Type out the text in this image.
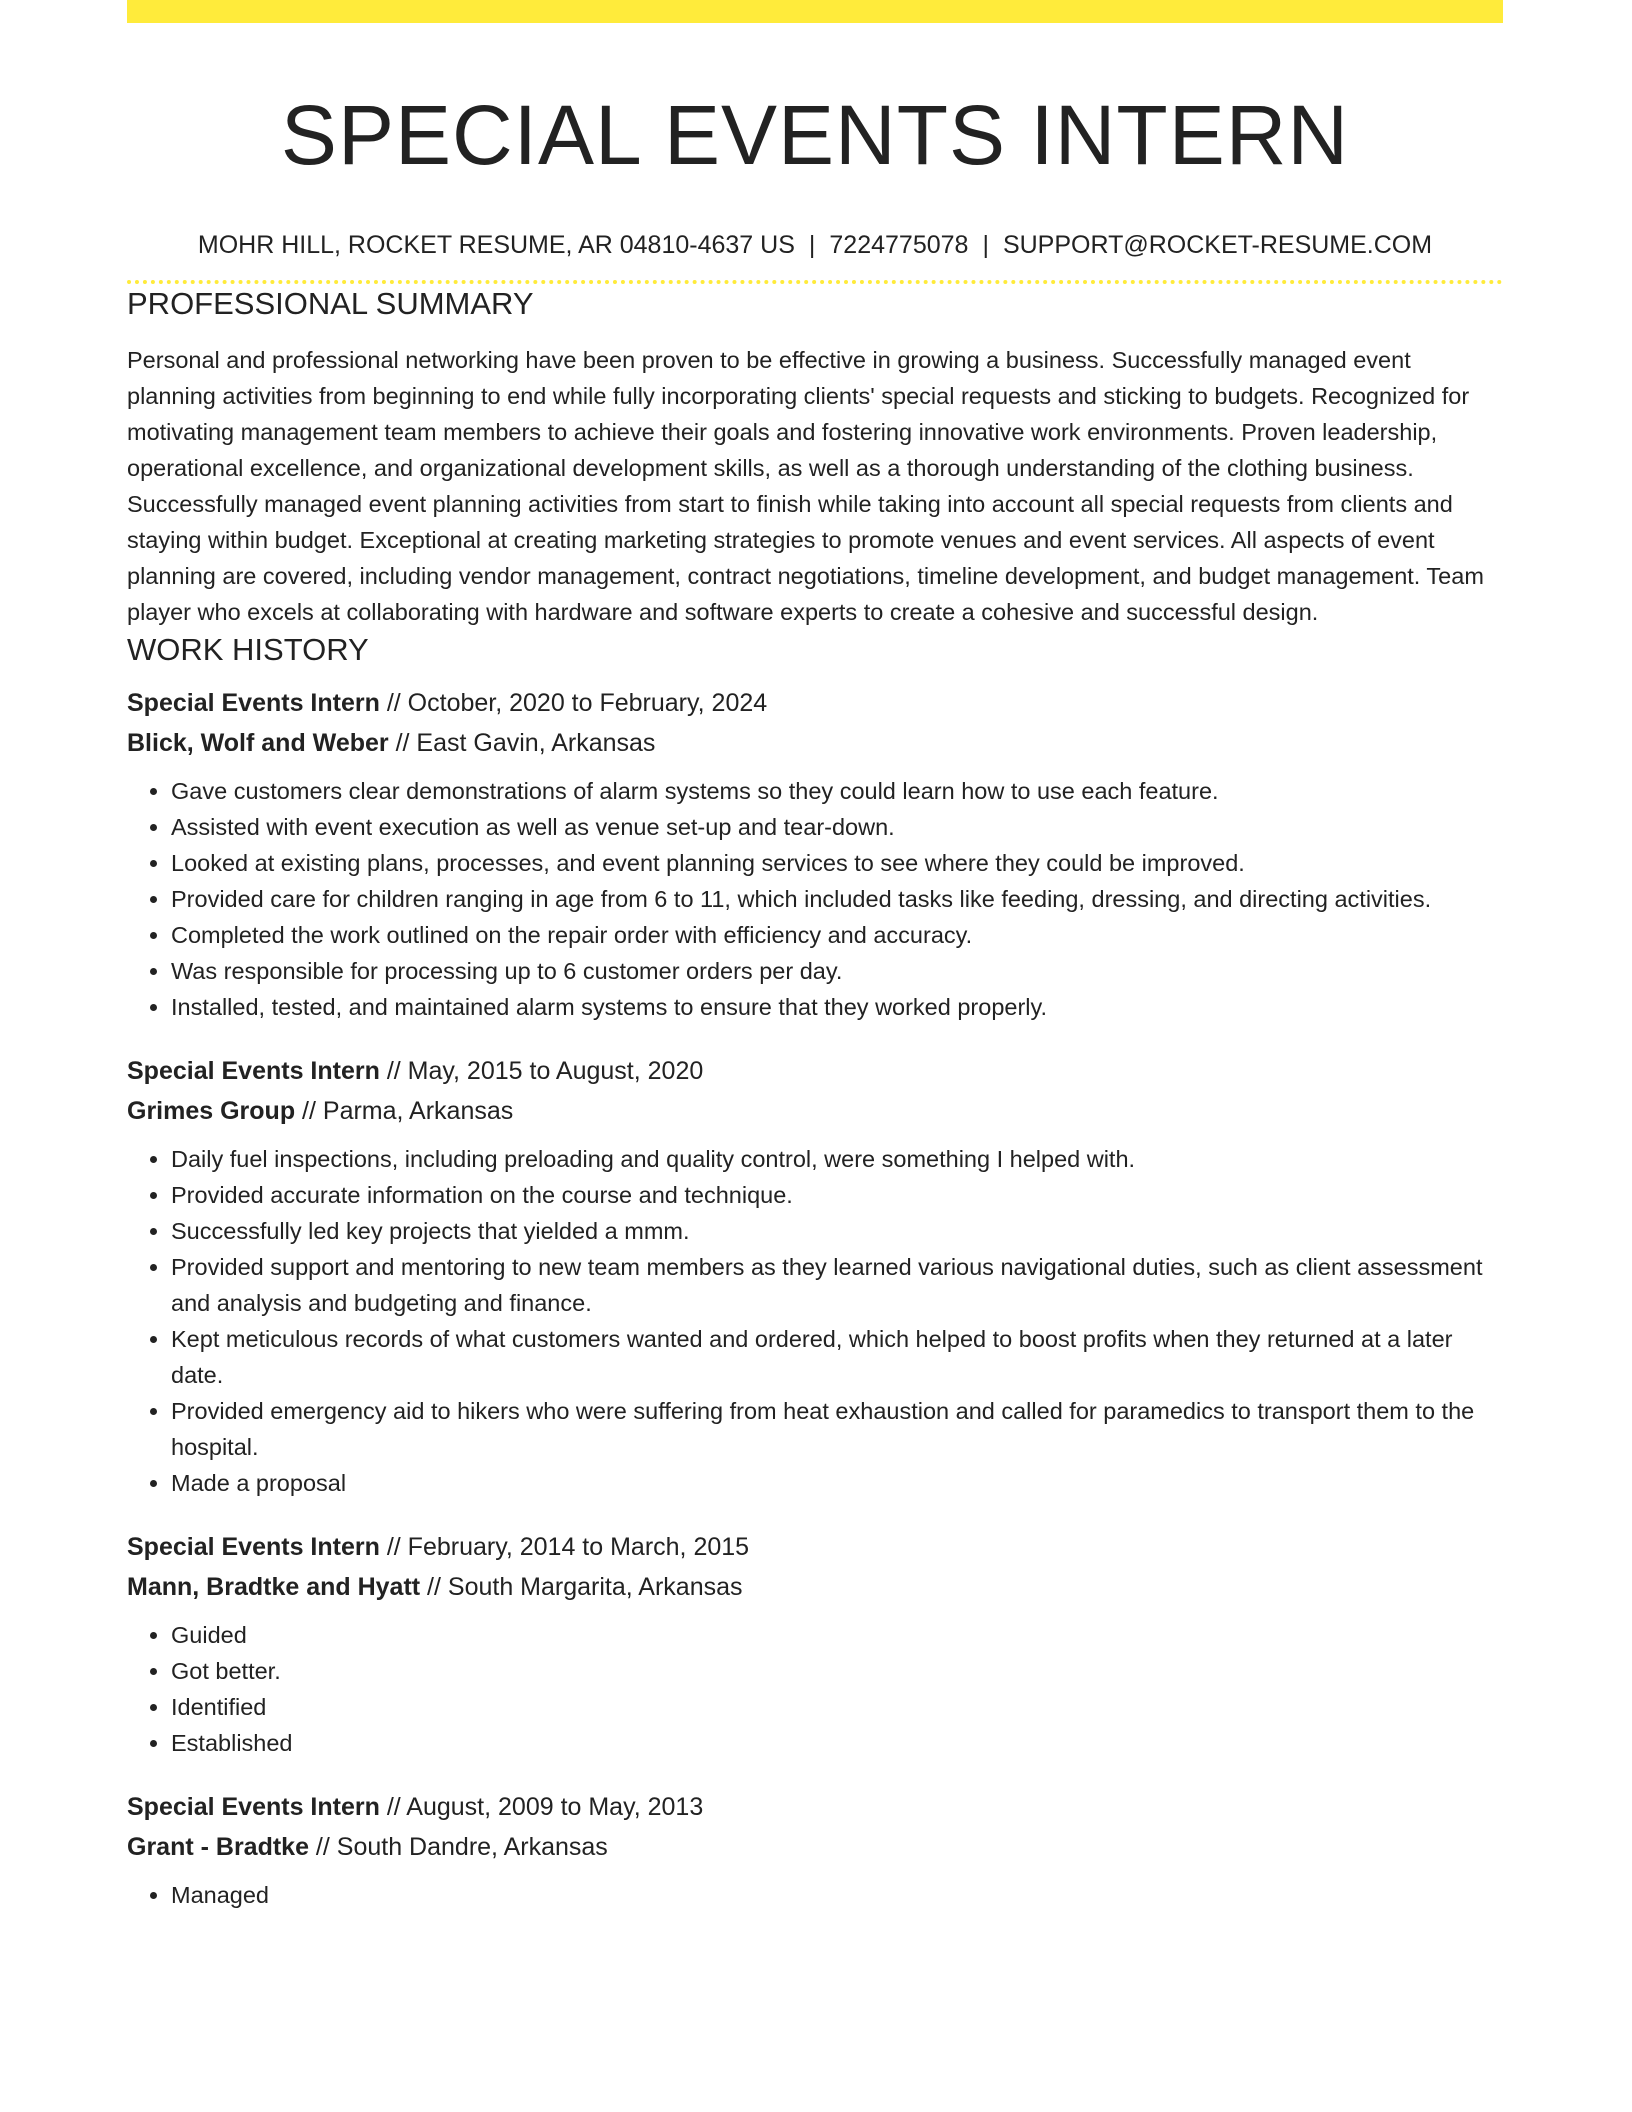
SPECIAL EVENTS INTERN
MOHR HILL, ROCKET RESUME, AR 04810-4637 US | 7224775078 | SUPPORT@ROCKET-RESUME.COM
PROFESSIONAL SUMMARY
Personal and professional networking have been proven to be effective in growing a business. Successfully managed event planning activities from beginning to end while fully incorporating clients' special requests and sticking to budgets. Recognized for motivating management team members to achieve their goals and fostering innovative work environments. Proven leadership, operational excellence, and organizational development skills, as well as a thorough understanding of the clothing business. Successfully managed event planning activities from start to finish while taking into account all special requests from clients and staying within budget. Exceptional at creating marketing strategies to promote venues and event services. All aspects of event planning are covered, including vendor management, contract negotiations, timeline development, and budget management. Team player who excels at collaborating with hardware and software experts to create a cohesive and successful design.
WORK HISTORY
Special Events Intern // October, 2020 to February, 2024
Blick, Wolf and Weber // East Gavin, Arkansas
• Gave customers clear demonstrations of alarm systems so they could learn how to use each feature.
• Assisted with event execution as well as venue set-up and tear-down.
• Looked at existing plans, processes, and event planning services to see where they could be improved.
• Provided care for children ranging in age from 6 to 11, which included tasks like feeding, dressing, and directing activities.
• Completed the work outlined on the repair order with efficiency and accuracy.
• Was responsible for processing up to 6 customer orders per day.
• Installed, tested, and maintained alarm systems to ensure that they worked properly.
Special Events Intern // May, 2015 to August, 2020
Grimes Group // Parma, Arkansas
• Daily fuel inspections, including preloading and quality control, were something I helped with.
• Provided accurate information on the course and technique.
• Successfully led key projects that yielded a mmm.
• Provided support and mentoring to new team members as they learned various navigational duties, such as client assessment and analysis and budgeting and finance.
• Kept meticulous records of what customers wanted and ordered, which helped to boost profits when they returned at a later date.
• Provided emergency aid to hikers who were suffering from heat exhaustion and called for paramedics to transport them to the hospital.
• Made a proposal
Special Events Intern // February, 2014 to March, 2015
Mann, Bradtke and Hyatt // South Margarita, Arkansas
• Guided
• Got better.
• Identified
• Established
Special Events Intern // August, 2009 to May, 2013
Grant - Bradtke // South Dandre, Arkansas
• Managed
